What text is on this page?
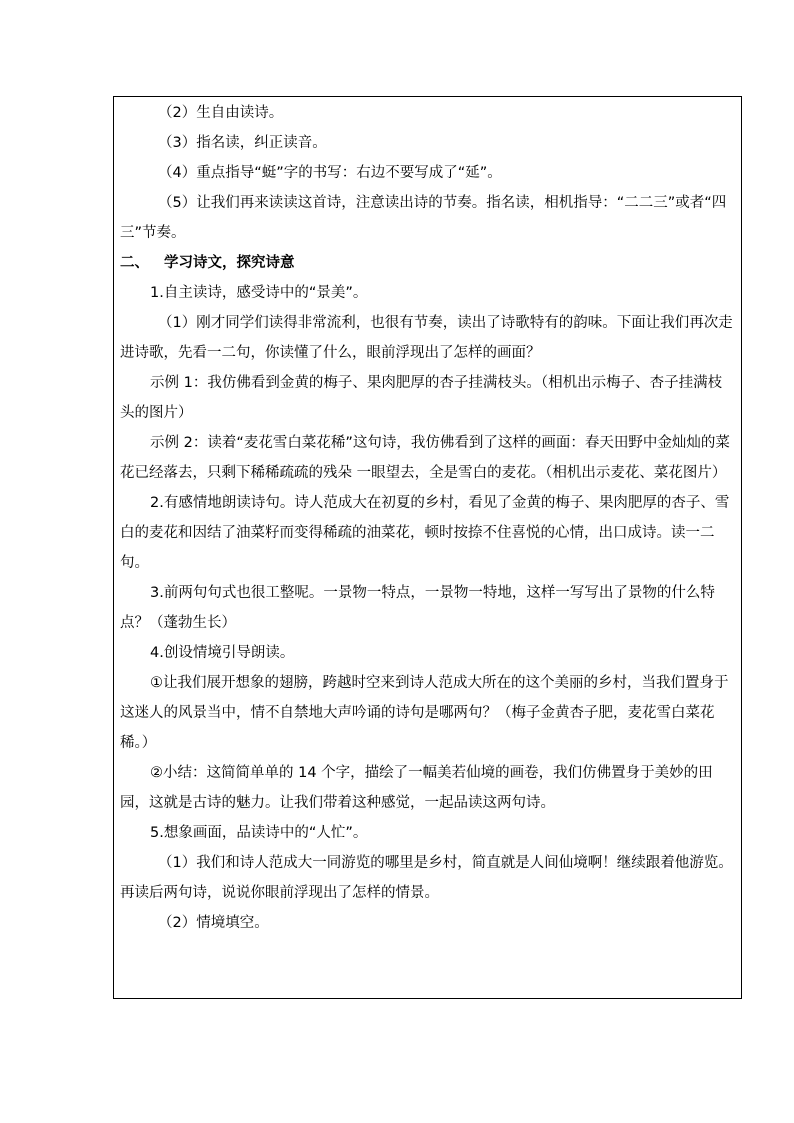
（2）生自由读诗。

（3）指名读，纠正读音。

（4）重点指导“蜓”字的书写：右边不要写成了“延”。

（5）让我们再来读读这首诗，注意读出诗的节奏。指名读，相机指导：“二二三”或者“四三”节奏。

二、 学习诗文，探究诗意

1.自主读诗，感受诗中的“景美”。

（1）刚才同学们读得非常流利，也很有节奏，读出了诗歌特有的韵味。下面让我们再次走进诗歌，先看一二句，你读懂了什么，眼前浮现出了怎样的画面？

示例 1：我仿佛看到金黄的梅子、果肉肥厚的杏子挂满枝头。（相机出示梅子、杏子挂满枝头的图片）

示例 2：读着“麦花雪白菜花稀”这句诗，我仿佛看到了这样的画面：春天田野中金灿灿的菜花已经落去，只剩下稀稀疏疏的残朵 一眼望去，全是雪白的麦花。（相机出示麦花、菜花图片）

2.有感情地朗读诗句。诗人范成大在初夏的乡村，看见了金黄的梅子、果肉肥厚的杏子、雪白的麦花和因结了油菜籽而变得稀疏的油菜花，顿时按捺不住喜悦的心情，出口成诗。读一二句。

3.前两句句式也很工整呢。一景物一特点，一景物一特地，这样一写写出了景物的什么特点？（蓬勃生长）

4.创设情境引导朗读。

①让我们展开想象的翅膀，跨越时空来到诗人范成大所在的这个美丽的乡村，当我们置身于这迷人的风景当中，情不自禁地大声吟诵的诗句是哪两句？（梅子金黄杏子肥，麦花雪白菜花稀。）

②小结：这简简单单的 14 个字，描绘了一幅美若仙境的画卷，我们仿佛置身于美妙的田园，这就是古诗的魅力。让我们带着这种感觉，一起品读这两句诗。

5.想象画面，品读诗中的“人忙”。

（1）我们和诗人范成大一同游览的哪里是乡村，简直就是人间仙境啊！继续跟着他游览。再读后两句诗，说说你眼前浮现出了怎样的情景。

（2）情境填空。
